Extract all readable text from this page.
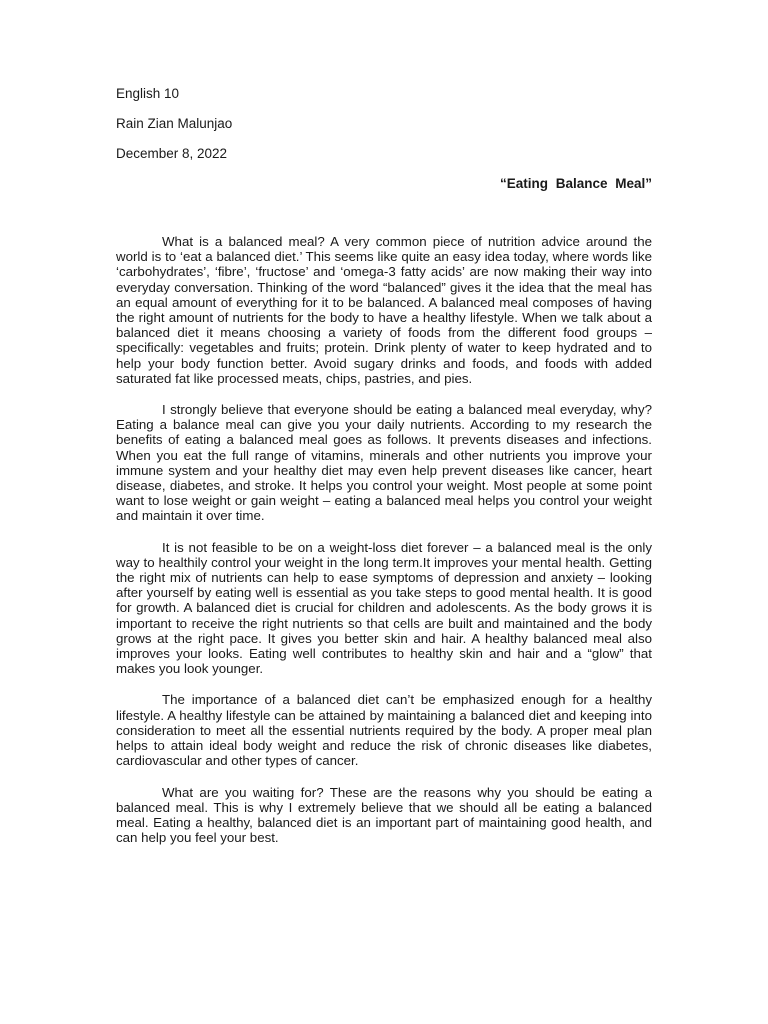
English 10
Rain Zian Malunjao
December 8, 2022
“Eating Balance Meal”

What is a balanced meal? A very common piece of nutrition advice around the world is to ‘eat a balanced diet.’ This seems like quite an easy idea today, where words like ‘carbohydrates’, ‘fibre’, ‘fructose’ and ‘omega-3 fatty acids’ are now making their way into everyday conversation. Thinking of the word “balanced” gives it the idea that the meal has an equal amount of everything for it to be balanced. A balanced meal composes of having the right amount of nutrients for the body to have a healthy lifestyle. When we talk about a balanced diet it means choosing a variety of foods from the different food groups – specifically: vegetables and fruits; protein. Drink plenty of water to keep hydrated and to help your body function better. Avoid sugary drinks and foods, and foods with added saturated fat like processed meats, chips, pastries, and pies.

I strongly believe that everyone should be eating a balanced meal everyday, why? Eating a balance meal can give you your daily nutrients. According to my research the benefits of eating a balanced meal goes as follows. It prevents diseases and infections. When you eat the full range of vitamins, minerals and other nutrients you improve your immune system and your healthy diet may even help prevent diseases like cancer, heart disease, diabetes, and stroke. It helps you control your weight. Most people at some point want to lose weight or gain weight – eating a balanced meal helps you control your weight and maintain it over time.

It is not feasible to be on a weight-loss diet forever – a balanced meal is the only way to healthily control your weight in the long term.It improves your mental health. Getting the right mix of nutrients can help to ease symptoms of depression and anxiety – looking after yourself by eating well is essential as you take steps to good mental health. It is good for growth. A balanced diet is crucial for children and adolescents. As the body grows it is important to receive the right nutrients so that cells are built and maintained and the body grows at the right pace. It gives you better skin and hair. A healthy balanced meal also improves your looks. Eating well contributes to healthy skin and hair and a “glow” that makes you look younger.

The importance of a balanced diet can’t be emphasized enough for a healthy lifestyle. A healthy lifestyle can be attained by maintaining a balanced diet and keeping into consideration to meet all the essential nutrients required by the body. A proper meal plan helps to attain ideal body weight and reduce the risk of chronic diseases like diabetes, cardiovascular and other types of cancer.

What are you waiting for? These are the reasons why you should be eating a balanced meal. This is why I extremely believe that we should all be eating a balanced meal. Eating a healthy, balanced diet is an important part of maintaining good health, and can help you feel your best.
